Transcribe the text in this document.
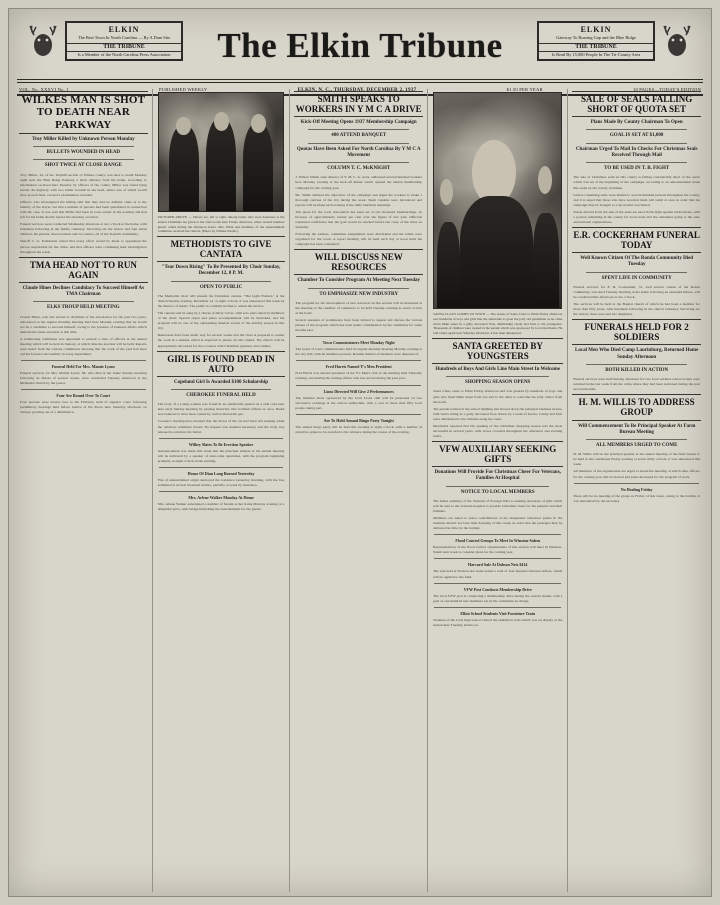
ELKIN
The Best Town In North Carolina — By A Dam Site
THE TRIBUNE
Is a Member of the North Carolina Press Association	The Elkin Tribune	ELKIN
Gateway To Roaring Gap and the Blue Ridge
THE TRIBUNE
Is Read By 15,000 People In The Tri-County Area
VOL. No. XXXVI No. 1	PUBLISHED WEEKLY	ELKIN, N. C., THURSDAY, DECEMBER 2, 1937	$1.50 PER YEAR	10 PAGES—TODAY'S EDITION
WILKES MAN IS SHOT TO DEATH NEAR PARKWAY
Troy Miller Killed by Unknown Person Monday
BULLETS WOUNDED IN HEAD
SHOT TWICE AT CLOSE RANGE
Troy Miller, 34, of the Traphill section of Wilkes county, was shot to death Monday night near the Blue Ridge Parkway a short distance from his home, according to information received here Tuesday by officers of the county. Miller was found lying beside the highway with two bullet wounds in the head, either one of which would have proven fatal, coroner's examination revealed.
Officers who investigated the killing said that they had no definite clues as to the identity of the slayer, but that a number of persons had been questioned in connection with the case. It was said that Miller had been in town earlier in the evening and had left for his home shortly before the shooting occurred.
Funeral services were conducted Wednesday afternoon at two o'clock at the home, with interment following in the family cemetery. Surviving are the widow and four small children, his parents, three brothers and two sisters, all of the Traphill community.
Sheriff C. G. Poindexter stated that every effort would be made to apprehend the person responsible for the crime, and that officers were continuing their investigation throughout the week.
TMA HEAD NOT TO RUN AGAIN
Claude Hines Declines Candidacy To Succeed Himself As TMA Chairman
ELKS TROUP HELD MEETING
Claude Hines, who has served as chairman of the association for the past two years, announced at the regular monthly meeting held here Monday evening that he would not be a candidate to succeed himself, owing to the pressure of business affairs which demand his entire attention at this time.
A nominating committee was appointed to present a slate of officers at the annual meeting which will be held in January, at which time the election will be held. Reports were heard from the various committees showing that the work of the year had been carried forward successfully in every department.
Funeral Held For Mrs. Mamie Lyons
Funeral services for Mrs. Mamie Lyons, 68, who died at her home Sunday morning following an illness of several weeks, were conducted Tuesday afternoon at the Methodist church by the pastor.
Four Are Bound Over To Court
Four persons were bound over to the February term of superior court following preliminary hearings held before Justice of the Peace here Saturday afternoon on charges growing out of a disturbance.
PICTURED ABOVE — Shown are, left to right, among ladies who were hostesses at the annual Christmas tea given at the club rooms here Friday afternoon, when several hundred guests called during the afternoon hours. Mrs. Elkin and members of the entertainment committee received the visitors. (Photo by Tribune Studio.)
METHODISTS TO GIVE CANTATA
"Tear Down Rising" To Be Presented By Choir Sunday, December 12, 8 P. M.
OPEN TO PUBLIC
The Methodist choir will present the Christmas cantata, "The Light Eternal," at the church Sunday evening, December 12, at eight o'clock, it was announced this week by the director of music. The public is cordially invited to attend the service.
The cantata will be sung by a chorus of thirty voices, with solo parts taken by members of the choir. Special organ and piano accompaniment will be furnished, and the program will be one of the outstanding musical events of the holiday season in this city.
Rehearsals have been under way for several weeks and the choir is prepared to render the work in a manner which is expected to please all who attend. The church will be appropriately decorated for the occasion with Christmas greenery and candles.
GIRL IS FOUND DEAD IN AUTO
Copeland Girl Is Awarded $100 Scholarship
CHEROKEE FUNERAL HELD
The body of a young woman was found in an automobile parked on a side road near here early Sunday morning by passing motorists who notified officers at once. Death was believed to have been caused by carbon monoxide gas.
Coroner's investigation revealed that the motor of the car had been left running while the windows remained closed. No inquest was deemed necessary and the body was released to relatives for burial.
Wilkey Slates To Be Erection Speaker
Announcement was made this week that the principal address at the annual meeting will be delivered by a speaker of state-wide reputation, with the program beginning promptly at eight o'clock in the evening.
House Of Dian Long Burned Yesterday
Fire of undetermined origin destroyed the residence yesterday morning, with the loss estimated at several thousand dollars, partially covered by insurance.
Mrs. Arlene Walker Monday At Home
Mrs. Arlene Walker entertained a number of friends at her home Monday evening at a delightful party, with bridge furnishing the entertainment for the guests.
SMITH SPEAKS TO WORKERS IN Y M C A DRIVE
Kick-Off Meeting Opens 1937 Membership Campaign
400 ATTEND BANQUET
Quotas Have Been Asked For North Carolina By Y M C A Movement
COLUMN T. C. McKNIGHT
J. Wilson Smith, state director of Y. M. C. A. work, addressed several hundred workers here Monday evening at the kick-off dinner which opened the annual membership campaign for the coming year.
Mr. Smith outlined the objectives of the campaign and urged the workers to make a thorough canvass of the city during the week. Team captains were introduced and reports will be made each evening at the daily luncheon meetings.
The quota for the local association has been set at one thousand memberships, an increase of approximately twenty per cent over the figure of last year. Officials expressed confidence that the goal would be reached before the close of the drive on Saturday.
Following the address, committee assignments were distributed and the teams were organized for the work. A report meeting will be held each day at noon until the campaign has been completed.
WILL DISCUSS NEW RESOURCES
Chamber To Consider Program At Meeting Next Tuesday
TO EMPHASIZE NEW INDUSTRY
The program for the development of new resources in this section will be discussed at the meeting of the chamber of commerce to be held Tuesday evening at seven o'clock at the hotel.
Several speakers of prominence have been invited to appear and discuss the various phases of the program, which has been under consideration by the committee for some months past.
Town Commissioners Meet Monday Night
The board of town commissioners held its regular monthly meeting Monday evening at the city hall, with all members present. Routine matters of business were disposed of.
Fred Harris Named Y's Men President
Fred Harris was elected president of the Y's Men's club at the meeting held Thursday evening, succeeding the retiring officer who has served during the past year.
Lions Directed Will Give 2 Performances
The minstrel show sponsored by the local Lions club will be presented on two successive evenings at the school auditorium, with a cast of more than fifty local people taking part.
Are To Hold Annual Bingo Party Tonight
The annual bingo party will be held this evening at eight o'clock, with a number of attractive prizes to be awarded to the winners during the course of the evening.
SANTA CLAUS COMES TO TOWN — The streets of Santa Claus to Elkin Friday afternoon saw hundreds of boys and girls line the sidewalks to greet the jolly old gentleman as he came down Main street in a gaily decorated float, distributing candy and fruit to the youngsters. Thousands of children were treated in the parade which was sponsored by local merchants. He will return again next Saturday afternoon, it has been announced.
SANTA GREETED BY YOUNGSTERS
Hundreds of Boys And Girls Line Main Street In Welcome
SHOPPING SEASON OPENS
Santa Claus came to Elkin Friday afternoon and was greeted by hundreds of boys and girls who lined Main street from one end to the other to welcome the jolly visitor from the north.
The parade formed at the school building and moved down the principal business streets, with Santa riding in a gaily decorated float drawn by a team of horses. Candy and fruit were distributed to the children along the route.
Merchants reported that the opening of the Christmas shopping season was the most successful in several years, with stores crowded throughout the afternoon and evening hours.
VFW AUXILIARY SEEKING GIFTS
Donations Will Provide For Christmas Cheer For Veterans, Families At Hospital
NOTICE TO LOCAL MEMBERS
The ladies auxiliary of the Veterans of Foreign Wars is seeking donations of gifts which will be sent to the veterans hospital to provide Christmas cheer for the patients and their families.
Members are asked to leave contributions at the designated collection points in the business district not later than Saturday of this week, in order that the packages may be delivered in time for the holiday.
Flood Control Groups To Meet In Winston-Salem
Representatives of the flood control organizations of this section will meet in Winston-Salem next week to consider plans for the coming year.
Harvard Sale At Dobson Nets $414
The sale held at Dobson last week netted a total of four hundred fourteen dollars, which will be applied to the fund.
VFW Post Conducts Membership Drive
The local VFW post is conducting a membership drive during the current month, with a goal of one hundred new members set by the committee in charge.
Elkin School Students Visit Furniture Train
Students of the local high school visited the exhibition train which was on display at the station here Tuesday afternoon.
SALE OF SEALS FALLING SHORT OF QUOTA SET
Plans Made By County Chairman To Open
GOAL IS SET AT $1,000
Chairman Urged To Mail In Checks For Christmas Seals Received Through Mail
TO BE USED IN T. B. FIGHT
The sale of Christmas seals in this county is falling considerably short of the quota which was set at the beginning of the campaign, according to an announcement made this week by the county chairman.
Letters containing seals were mailed to several hundred persons throughout the county, and it is urged that those who have received them will remit at once in order that the campaign may be brought to a successful conclusion.
Funds derived from the sale of the seals are used in the fight against tuberculosis, with a portion remaining in the county for local work and the remainder going to the state and national organizations.
E.R. COCKERHAM FUNERAL TODAY
Well Known Citizen Of The Ronda Community Died Tuesday
SPENT LIFE IN COMMUNITY
Funeral services for E. R. Cockerham, 72, well known citizen of the Ronda community, who died Tuesday morning at his home following an extended illness, will be conducted this afternoon at two o'clock.
The services will be held at the Baptist church of which he had been a member for more than fifty years, with interment following in the church cemetery. Surviving are the widow, three sons and two daughters.
FUNERALS HELD FOR 2 SOLDIERS
Local Men Who Died Camp Laurinburg, Returned Home Sunday Afternoon
BOTH KILLED IN ACTION
Funeral services were held Sunday afternoon for two local soldiers whose bodies were returned home last week from the camp where they had been stationed during the past several months.
H. M. WILLIS TO ADDRESS GROUP
Will Commencement To Be Principal Speaker At Farm Bureau Meeting
ALL MEMBERS URGED TO COME
H. M. Willis will be the principal speaker at the annual meeting of the farm bureau to be held at the courthouse Friday evening at seven thirty o'clock, it was announced this week.
All members of the organization are urged to attend the meeting, at which time officers for the coming year will be elected and plans discussed for the program of work.
No Healing Friday
There will be no meeting of the group on Friday of this week, owing to the holiday, it was announced by the secretary.
